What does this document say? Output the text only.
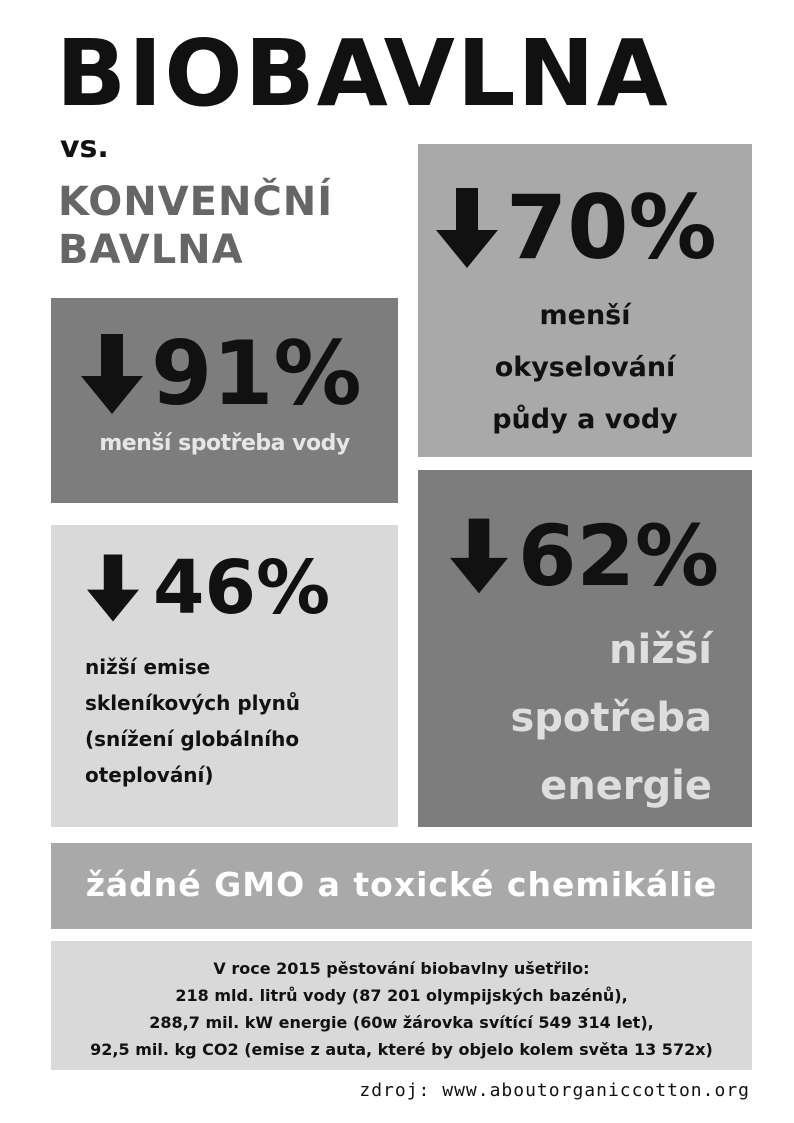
BIOBAVLNA
vs.
KONVENČNÍ
BAVLNA	70%
menší
okyselování
půdy a vody
91%
menší spotřeba vody
46%
nižší emise
skleníkových plynů
(snížení globálního
oteplování)
62%
nižší
spotřeba
energie
žádné GMO a toxické chemikálie
V roce 2015 pěstování biobavlny ušetřilo:
218 mld. litrů vody (87 201 olympijských bazénů),
288,7 mil. kW energie (60w žárovka svítící 549 314 let),
92,5 mil. kg CO2 (emise z auta, které by objelo kolem světa 13 572x)
zdroj: www.aboutorganiccotton.org
